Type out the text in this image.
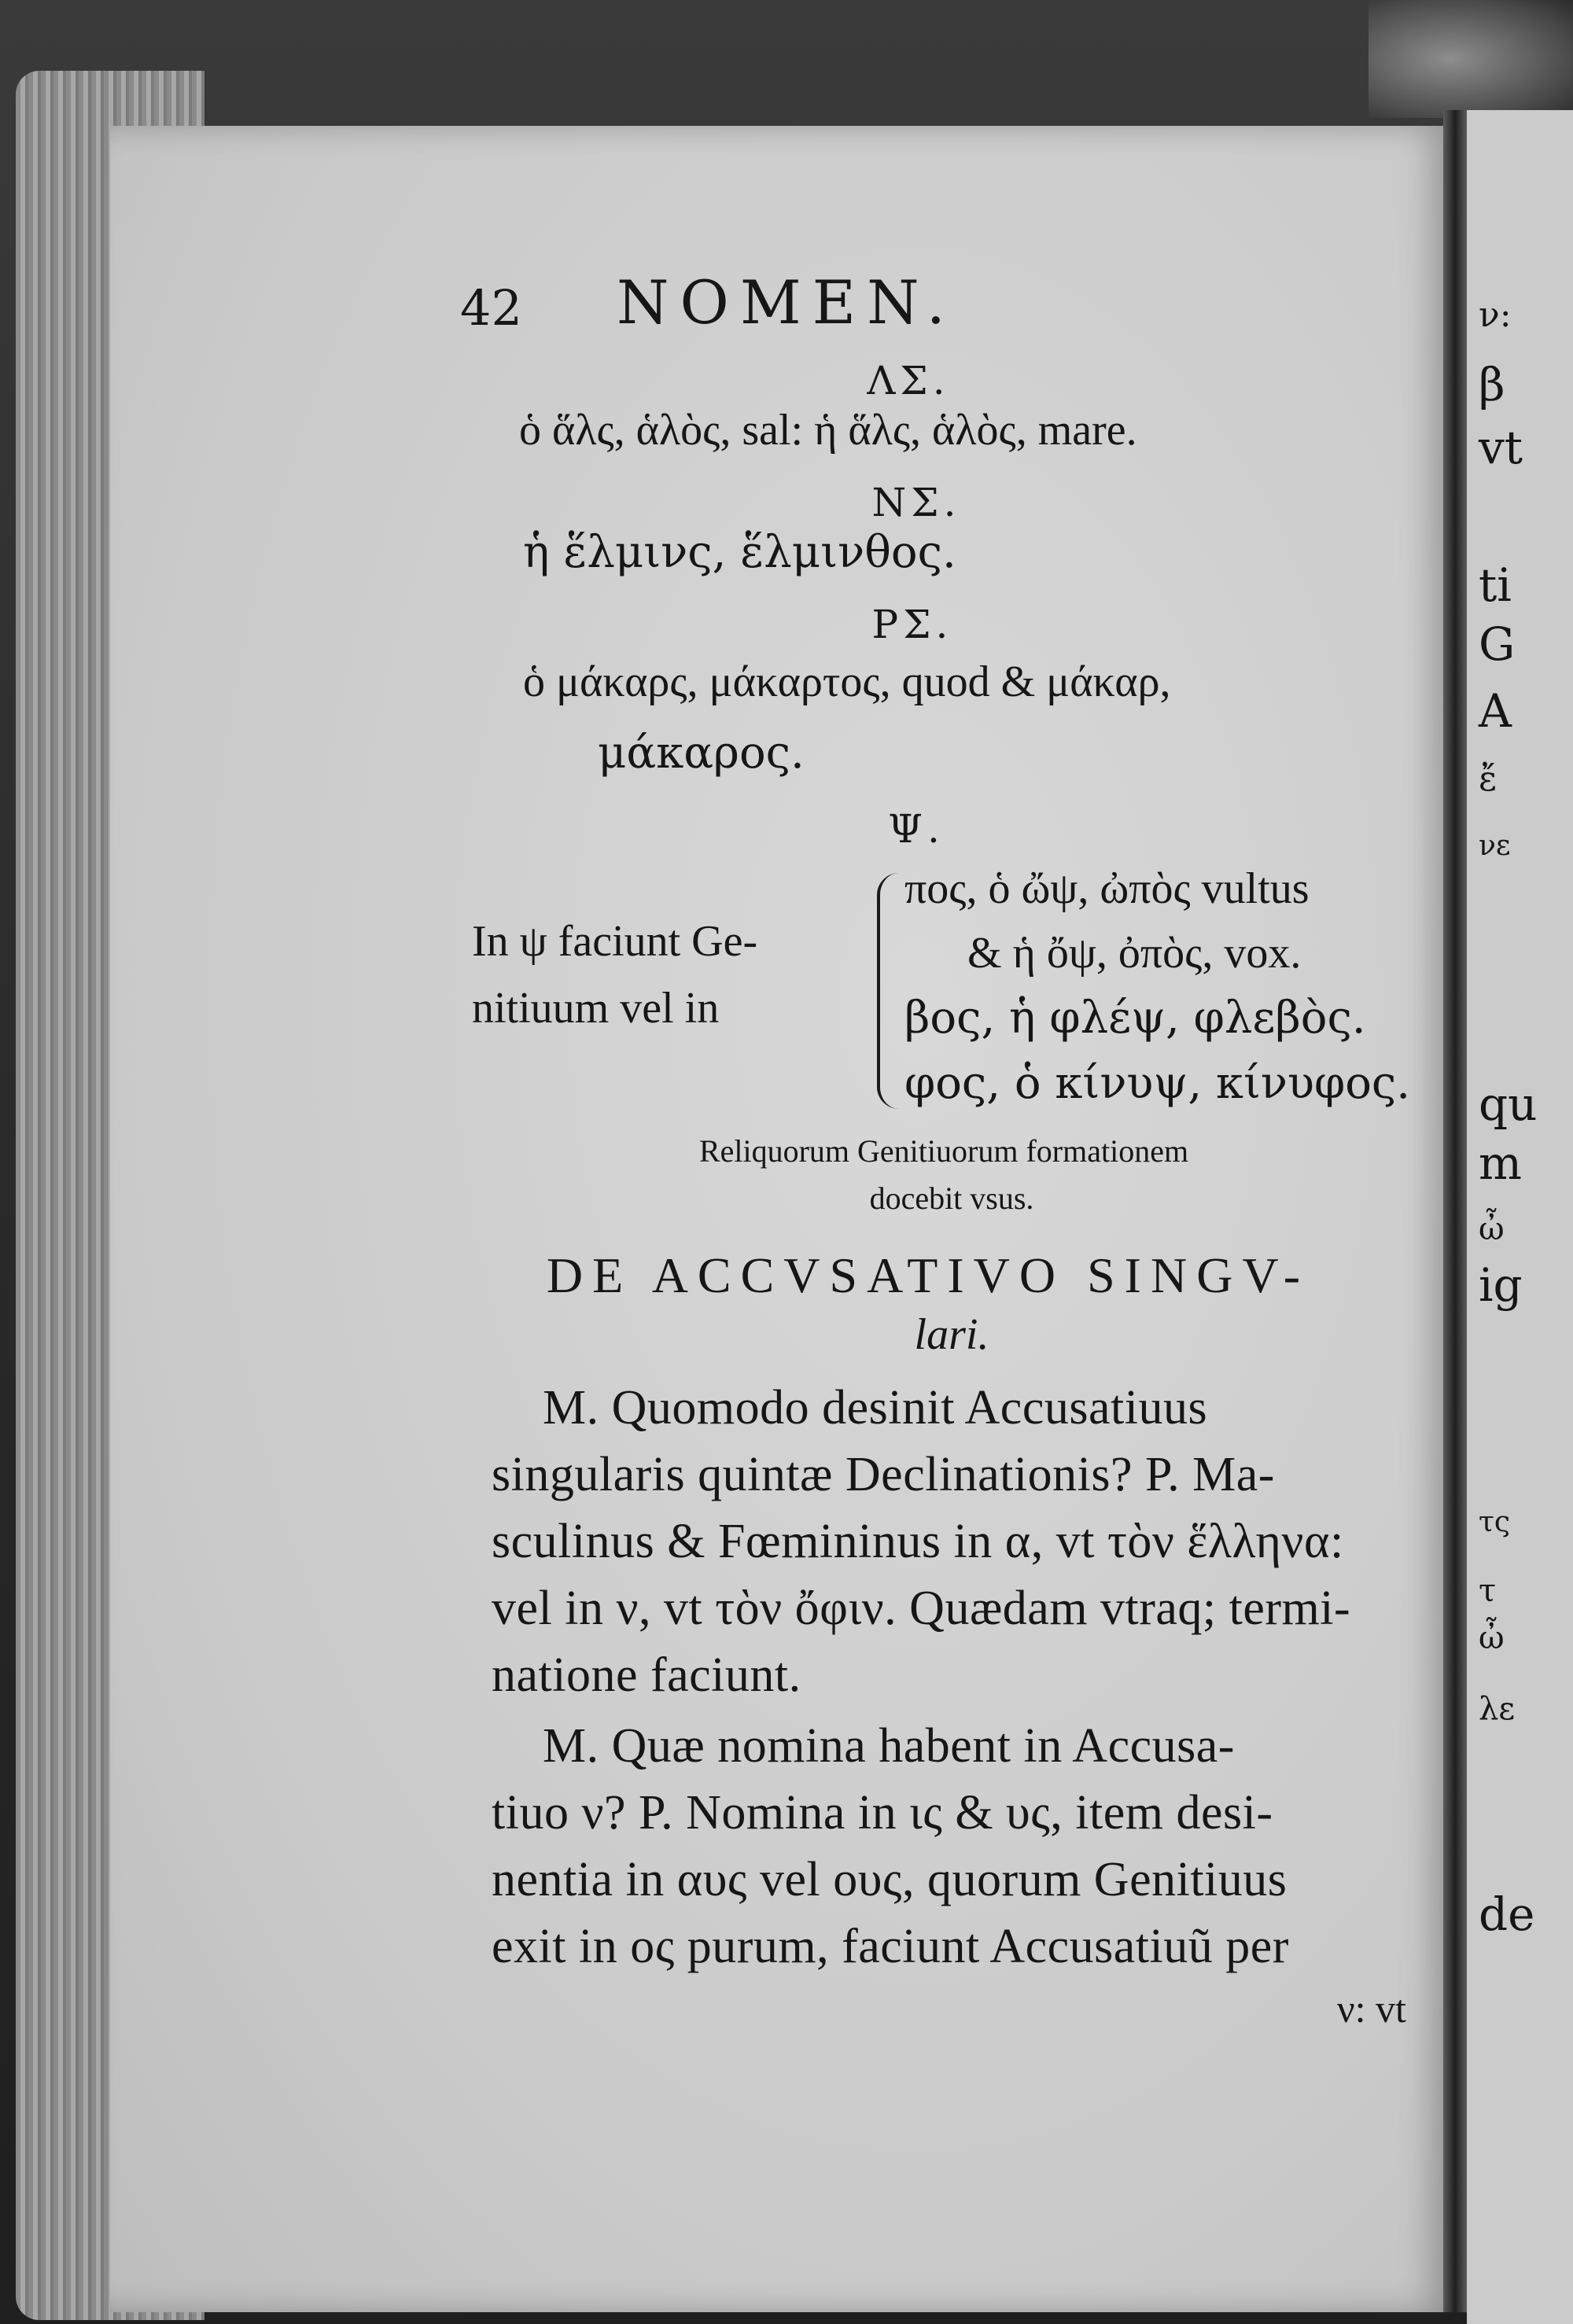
42 NOMEN.
ΛΣ.
ὁ ἅλς, ἁλὸς, sal: ἡ ἅλς, ἁλὸς, mare.
ΝΣ.
ἡ ἕλμινς, ἕλμινθος.
ΡΣ.
ὁ μάκαρς, μάκαρτος, quod & μάκαρ,
μάκαρος.
Ψ.
In ψ faciunt Ge-
nitiuum vel in
πος, ὁ ὤψ, ὠπὸς vultus
& ἡ ὄψ, ὀπὸς, vox.
βος, ἡ φλέψ, φλεβὸς.
φος, ὁ κίνυψ, κίνυφος.
Reliquorum Genitiuorum formationem
docebit vsus.
DE ACCVSATIVO SINGV-
lari.
M. Quomodo desinit Accusatiuus
singularis quintæ Declinationis? P. Ma-
sculinus & Fœmininus in α, vt τὸν ἕλληνα:
vel in ν, vt τὸν ὄφιν. Quædam vtraq; termi-
natione faciunt.
M. Quæ nomina habent in Accusa-
tiuo ν? P. Nomina in ις & υς, item desi-
nentia in αυς vel ους, quorum Genitiuus
exit in ος purum, faciunt Accusatiuũ per
ν: vt
ν:
β
vt
ti
G
A
ἔ
νε
qu
m
ὦ
ig
τς
τ
ὦ
λε
de
